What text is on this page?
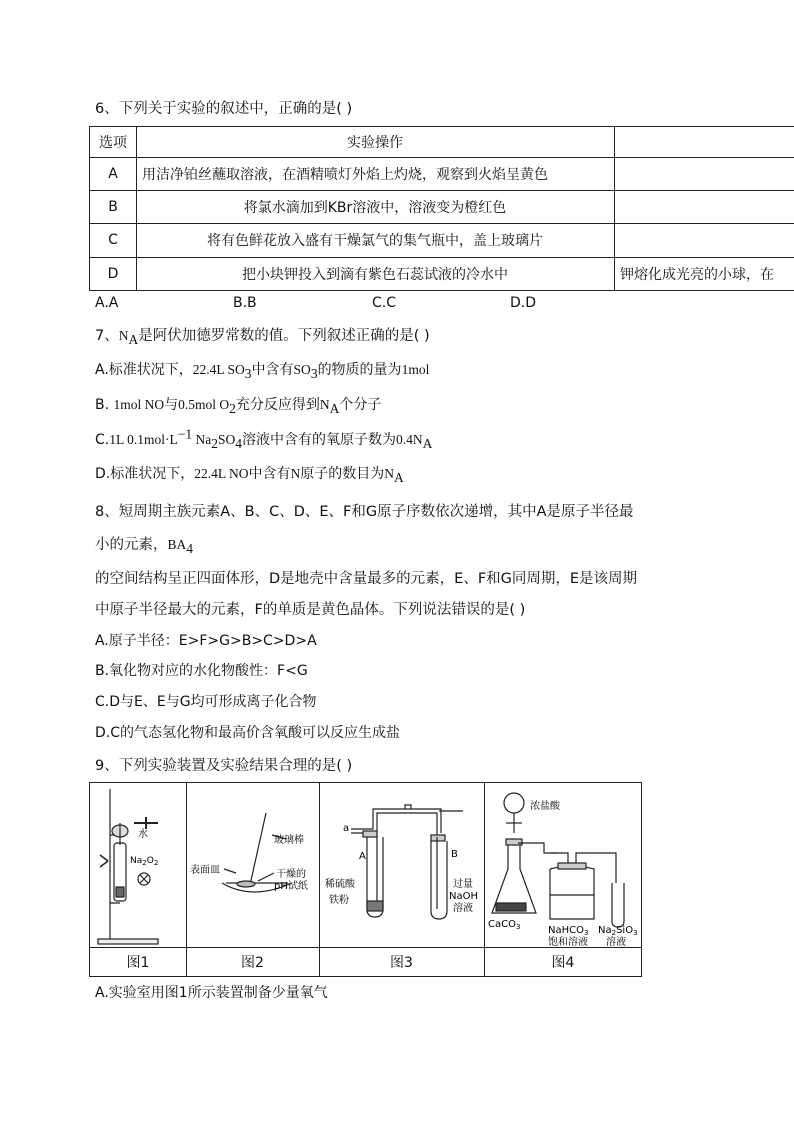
6、下列关于实验的叙述中，正确的是( )
选项	实验操作
A	用洁净铂丝蘸取溶液，在酒精喷灯外焰上灼烧，观察到火焰呈黄色
B	将氯水滴加到KBr溶液中，溶液变为橙红色
C	将有色鲜花放入盛有干燥氯气的集气瓶中，盖上玻璃片
D	把小块钾投入到滴有紫色石蕊试液的冷水中	钾熔化成光亮的小球，在
A.A	B.B	C.C	D.D
7、$N_A$是阿伏加德罗常数的值。下列叙述正确的是( )
A.标准状况下，22.4L $SO_3$中含有$SO_3$的物质的量为1mol
B. 1mol NO与0.5mol $O_2$充分反应得到$N_A$个分子
C.1L $0.1mol\cdot L^{-1}$ $Na_2SO_4$溶液中含有的氧原子数为$0.4N_A$
D.标准状况下，22.4L NO中含有N原子的数目为$N_A$
8、短周期主族元素A、B、C、D、E、F和G原子序数依次递增，其中A是原子半径最
小的元素，$BA_4$
的空间结构呈正四面体形，D是地壳中含量最多的元素，E、F和G同周期，E是该周期
中原子半径最大的元素，F的单质是黄色晶体。下列说法错误的是( )
A.原子半径：E>F>G>B>C>D>A
B.氧化物对应的水化物酸性：F<G
C.D与E、E与G均可形成离子化合物
D.C的气态氢化物和最高价含氧酸可以反应生成盐
9、下列实验装置及实验结果合理的是( )
水
$Na_2O_2$
玻璃棒
表面皿	干燥的
pH试纸
a
A	B
稀硫酸
铁粉
过量
NaOH
溶液
浓盐酸
CaCO$_3$	NaHCO$_3$
饱和溶液
$Na_2SiO_3$
溶液
图1	图2	图3	图4
A.实验室用图1所示装置制备少量氧气
